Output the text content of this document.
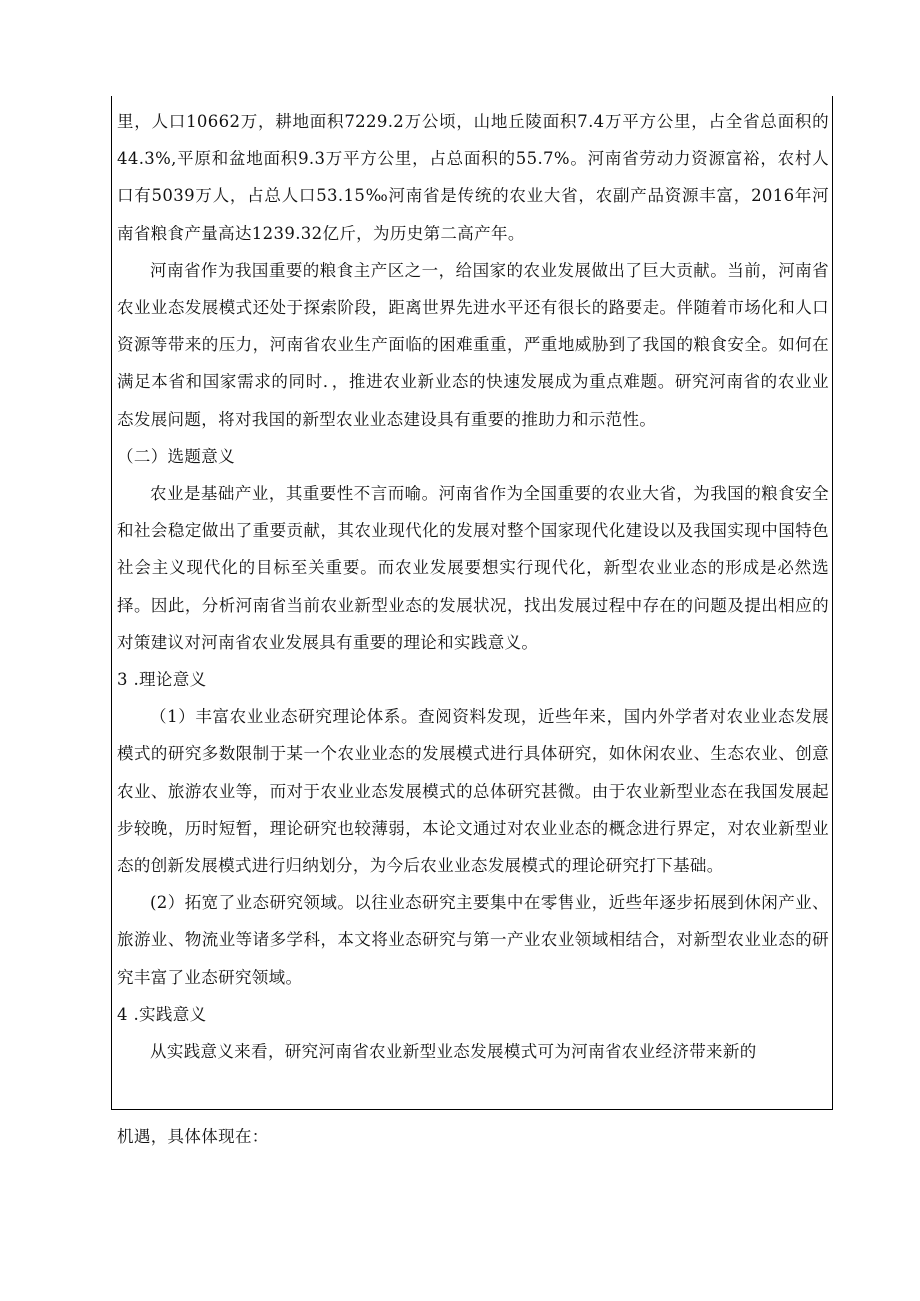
里，人口10662万，耕地面积7229.2万公顷，山地丘陵面积7.4万平方公里，占全省总面积的44.3%,平原和盆地面积9.3万平方公里，占总面积的55.7%。河南省劳动力资源富裕，农村人口有5039万人，占总人口53.15‰河南省是传统的农业大省，农副产品资源丰富，2016年河南省粮食产量高达1239.32亿斤，为历史第二高产年。

河南省作为我国重要的粮食主产区之一，给国家的农业发展做出了巨大贡献。当前，河南省农业业态发展模式还处于探索阶段，距离世界先进水平还有很长的路要走。伴随着市场化和人口资源等带来的压力，河南省农业生产面临的困难重重，严重地威胁到了我国的粮食安全。如何在满足本省和国家需求的同时．，推进农业新业态的快速发展成为重点难题。研究河南省的农业业态发展问题，将对我国的新型农业业态建设具有重要的推助力和示范性。

（二）选题意义

农业是基础产业，其重要性不言而喻。河南省作为全国重要的农业大省，为我国的粮食安全和社会稳定做出了重要贡献，其农业现代化的发展对整个国家现代化建设以及我国实现中国特色社会主义现代化的目标至关重要。而农业发展要想实行现代化，新型农业业态的形成是必然选择。因此，分析河南省当前农业新型业态的发展状况，找出发展过程中存在的问题及提出相应的对策建议对河南省农业发展具有重要的理论和实践意义。

3 .理论意义

（1）丰富农业业态研究理论体系。查阅资料发现，近些年来，国内外学者对农业业态发展模式的研究多数限制于某一个农业业态的发展模式进行具体研究，如休闲农业、生态农业、创意农业、旅游农业等，而对于农业业态发展模式的总体研究甚微。由于农业新型业态在我国发展起步较晚，历时短暂，理论研究也较薄弱，本论文通过对农业业态的概念进行界定，对农业新型业态的创新发展模式进行归纳划分，为今后农业业态发展模式的理论研究打下基础。

(2）拓宽了业态研究领域。以往业态研究主要集中在零售业，近些年逐步拓展到休闲产业、旅游业、物流业等诸多学科，本文将业态研究与第一产业农业领域相结合，对新型农业业态的研究丰富了业态研究领域。

4 .实践意义

从实践意义来看，研究河南省农业新型业态发展模式可为河南省农业经济带来新的

机遇，具体体现在：
